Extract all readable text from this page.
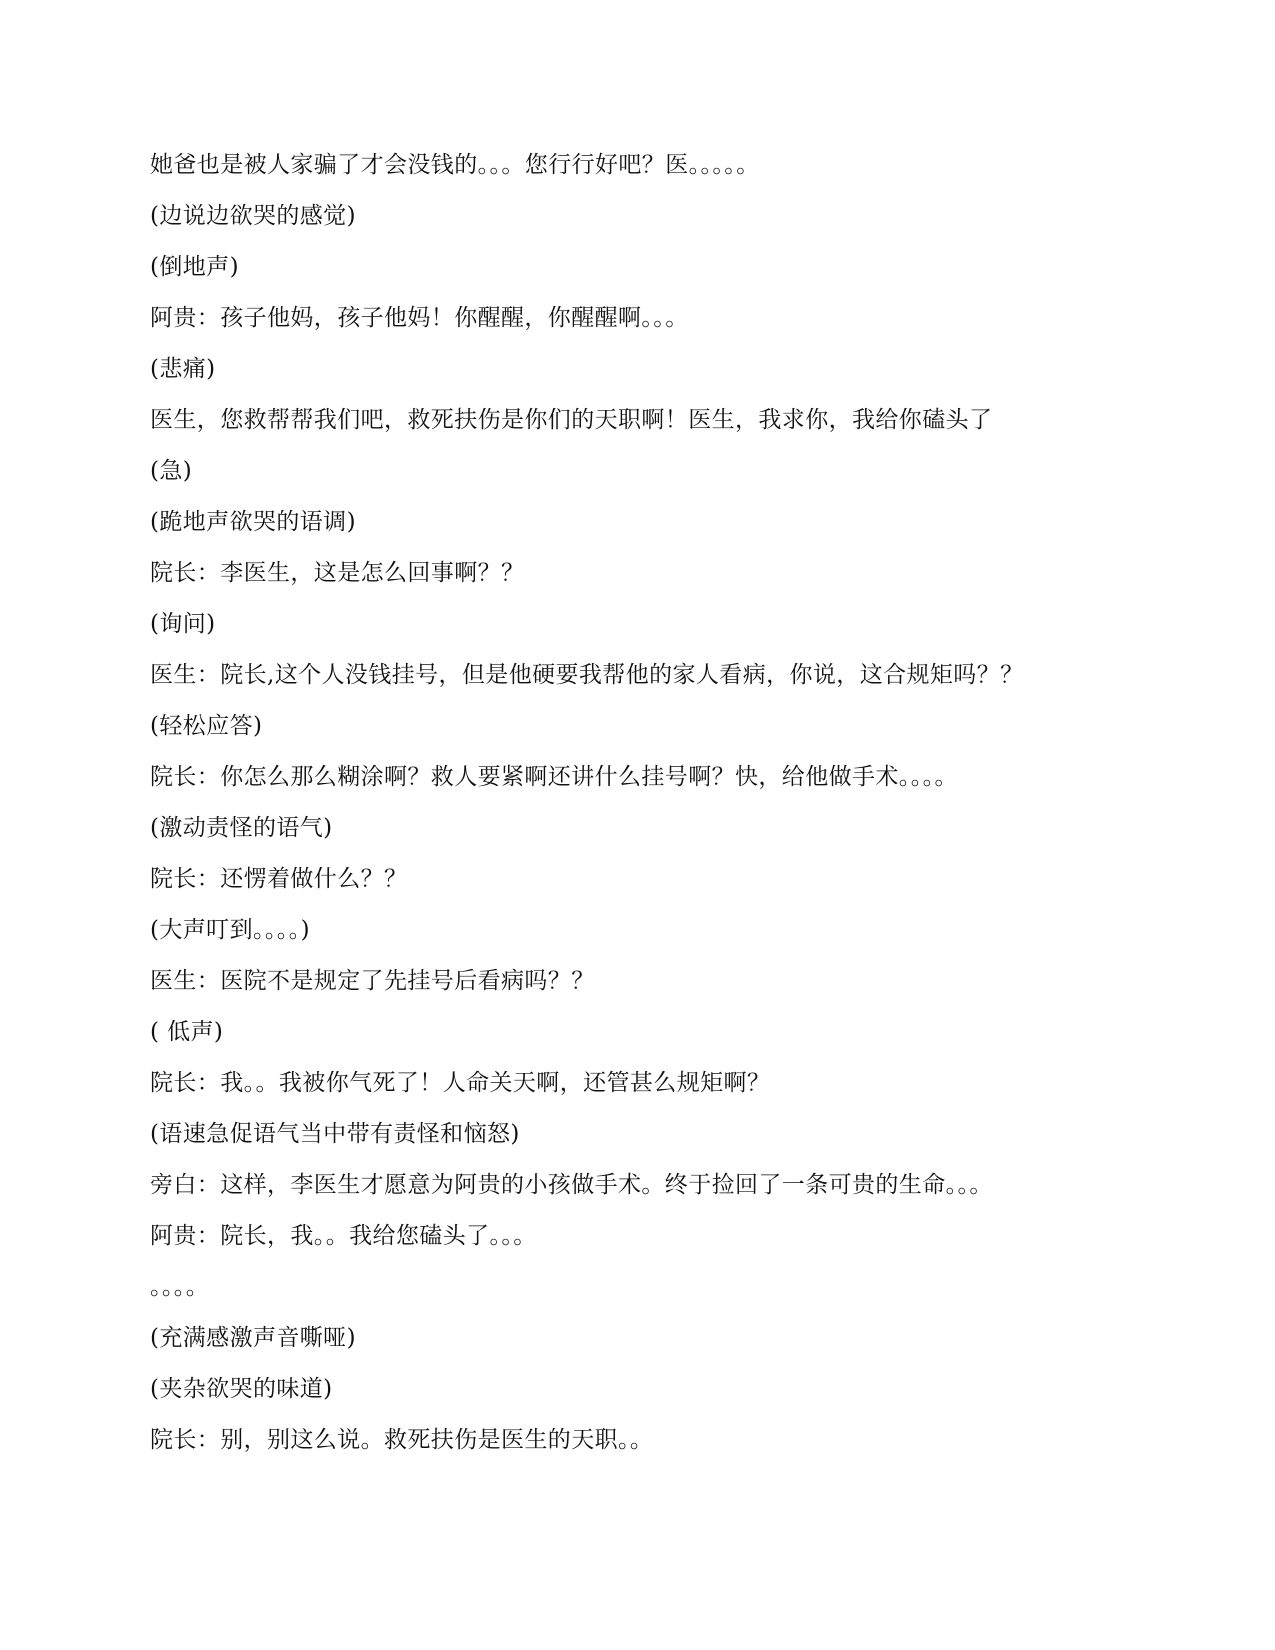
她爸也是被人家骗了才会没钱的。。。您行行好吧？医。。。。。
(边说边欲哭的感觉)
(倒地声)
阿贵：孩子他妈，孩子他妈！你醒醒，你醒醒啊。。。
(悲痛)
医生，您救帮帮我们吧，救死扶伤是你们的天职啊！医生，我求你，我给你磕头了
(急)
(跪地声欲哭的语调)
院长：李医生，这是怎么回事啊？？
(询问)
医生：院长,这个人没钱挂号，但是他硬要我帮他的家人看病，你说，这合规矩吗？？
(轻松应答)
院长：你怎么那么糊涂啊？救人要紧啊还讲什么挂号啊？快，给他做手术。。。。
(激动责怪的语气)
院长：还愣着做什么？？
(大声叮到。。。。)
医生：医院不是规定了先挂号后看病吗？？
( 低声)
院长：我。。我被你气死了！人命关天啊，还管甚么规矩啊？
(语速急促语气当中带有责怪和恼怒)
旁白：这样，李医生才愿意为阿贵的小孩做手术。终于捡回了一条可贵的生命。。。
阿贵：院长，我。。我给您磕头了。。。
。。。。
(充满感激声音嘶哑)
(夹杂欲哭的味道)
院长：别，别这么说。救死扶伤是医生的天职。。
